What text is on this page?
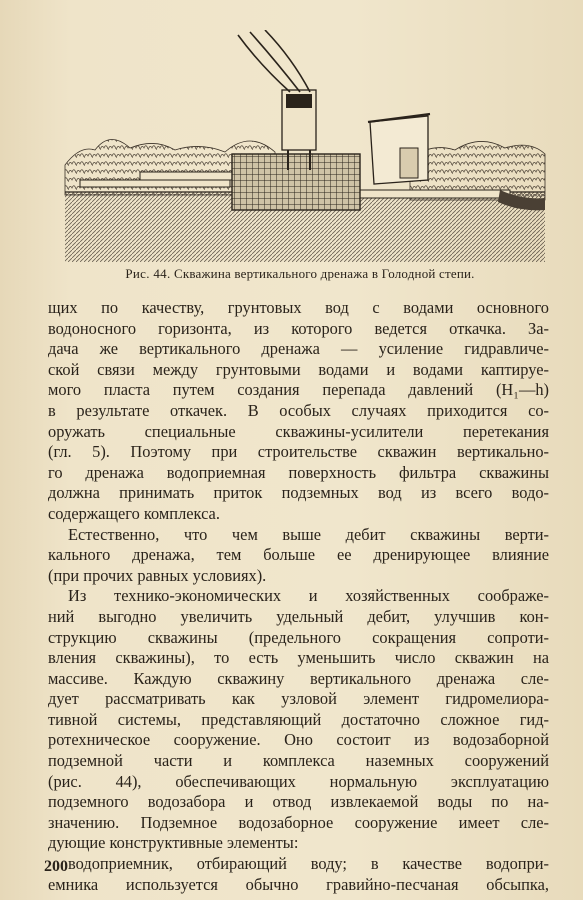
Рис. 44. Скважина вертикального дренажа в Голодной степи.
щих по качеству, грунтовых вод с водами основного
водоносного горизонта, из которого ведется откачка. За-
дача же вертикального дренажа — усиление гидравличе-
ской связи между грунтовыми водами и водами каптируе-
мого пласта путем создания перепада давлений (H₁—h)
в результате откачек. В особых случаях приходится со-
оружать специальные скважины-усилители перетекания
(гл. 5). Поэтому при строительстве скважин вертикально-
го дренажа водоприемная поверхность фильтра скважины
должна принимать приток подземных вод из всего водо-
содержащего комплекса.
Естественно, что чем выше дебит скважины верти-
кального дренажа, тем больше ее дренирующее влияние
(при прочих равных условиях).
Из технико-экономических и хозяйственных соображе-
ний выгодно увеличить удельный дебит, улучшив кон-
струкцию скважины (предельного сокращения сопроти-
вления скважины), то есть уменьшить число скважин на
массиве. Каждую скважину вертикального дренажа сле-
дует рассматривать как узловой элемент гидромелиора-
тивной системы, представляющий достаточно сложное гид-
ротехническое сооружение. Оно состоит из водозаборной
подземной части и комплекса наземных сооружений
(рис. 44), обеспечивающих нормальную эксплуатацию
подземного водозабора и отвод извлекаемой воды по на-
значению. Подземное водозаборное сооружение имеет сле-
дующие конструктивные элементы:
водоприемник, отбирающий воду; в качестве водопри-
емника используется обычно гравийно-песчаная обсыпка,
200
